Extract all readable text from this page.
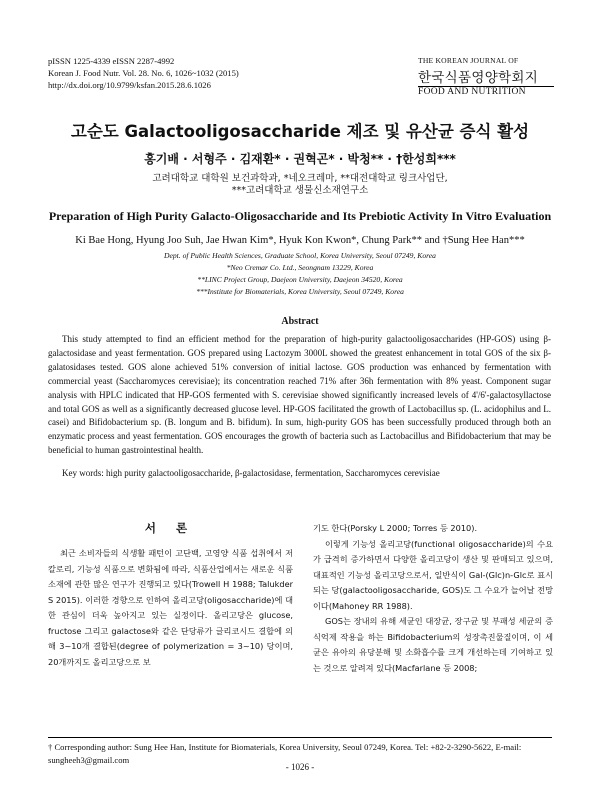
pISSN 1225-4339 eISSN 2287-4992
Korean J. Food Nutr. Vol. 28. No. 6, 1026~1032 (2015)
http://dx.doi.org/10.9799/ksfan.2015.28.6.1026
THE KOREAN JOURNAL OF
한국식품영양학회지
FOOD AND NUTRITION
고순도 Galactooligosaccharide 제조 및 유산균 증식 활성
홍기배 · 서형주 · 김재환* · 권혁곤* · 박청** · †한성희***
고려대학교 대학원 보건과학과, *네오크레마, **대전대학교 링크사업단,
***고려대학교 생물신소재연구소
Preparation of High Purity Galacto-Oligosaccharide and Its Prebiotic Activity In Vitro Evaluation
Ki Bae Hong, Hyung Joo Suh, Jae Hwan Kim*, Hyuk Kon Kwon*, Chung Park** and †Sung Hee Han***
Dept. of Public Health Sciences, Graduate School, Korea University, Seoul 07249, Korea
*Neo Cremar Co. Ltd., Seongnam 13229, Korea
**LINC Project Group, Daejeon University, Daejeon 34520, Korea
***Institute for Biomaterials, Korea University, Seoul 07249, Korea
Abstract
This study attempted to find an efficient method for the preparation of high-purity galactooligosaccharides (HP-GOS) using β-galactosidase and yeast fermentation. GOS prepared using Lactozym 3000L showed the greatest enhancement in total GOS of the six β-galatosidases tested. GOS alone achieved 51% conversion of initial lactose. GOS production was enhanced by fermentation with commercial yeast (Saccharomyces cerevisiae); its concentration reached 71% after 36h fermentation with 8% yeast. Component sugar analysis with HPLC indicated that HP-GOS fermented with S. cerevisiae showed significantly increased levels of 4'/6'-galactosyllactose and total GOS as well as a significantly decreased glucose level. HP-GOS facilitated the growth of Lactobacillus sp. (L. acidophilus and L. casei) and Bifidobacterium sp. (B. longum and B. bifidum). In sum, high-purity GOS has been successfully produced through both an enzymatic process and yeast fermentation. GOS encourages the growth of bacteria such as Lactobacillus and Bifidobacterium that may be beneficial to human gastrointestinal health.
Key words: high purity galactooligosaccharide, β-galactosidase, fermentation, Saccharomyces cerevisiae
서 론

최근 소비자들의 식생활 패턴이 고단백, 고영양 식품 섭취에서 저칼로리, 기능성 식품으로 변화됨에 따라, 식품산업에서는 새로운 식품소재에 관한 많은 연구가 진행되고 있다(Trowell H 1988; Talukder S 2015). 이러한 경향으로 인하여 올리고당(oligosaccharide)에 대한 관심이 더욱 높아지고 있는 실정이다. 올리고당은 glucose, fructose 그리고 galactose와 같은 단당류가 글리코시드 결합에 의해 3~10개 결합된(degree of polymerization = 3~10) 당이며, 20개까지도 올리고당으로 보

기도 한다(Porsky L 2000; Torres 등 2010).

이렇게 기능성 올리고당(functional oligosaccharide)의 수요가 급격히 증가하면서 다양한 올리고당이 생산 및 판매되고 있으며, 대표적인 기능성 올리고당으로서, 일반식이 Gal-(Glc)n-Glc로 표시되는 당(galactooligosaccharide, GOS)도 그 수요가 늘어날 전망이다(Mahoney RR 1988).

GOS는 장내의 유해 세균인 대장균, 장구균 및 부패성 세균의 증식억제 작용을 하는 Bifidobacterium의 성장촉진물질이며, 이 세균은 유아의 유당분해 및 소화흡수를 크게 개선하는데 기여하고 있는 것으로 알려져 있다(Macfarlane 등 2008;

† Corresponding author: Sung Hee Han, Institute for Biomaterials, Korea University, Seoul 07249, Korea. Tel: +82-2-3290-5622, E-mail: sungheeh3@gmail.com
- 1026 -
